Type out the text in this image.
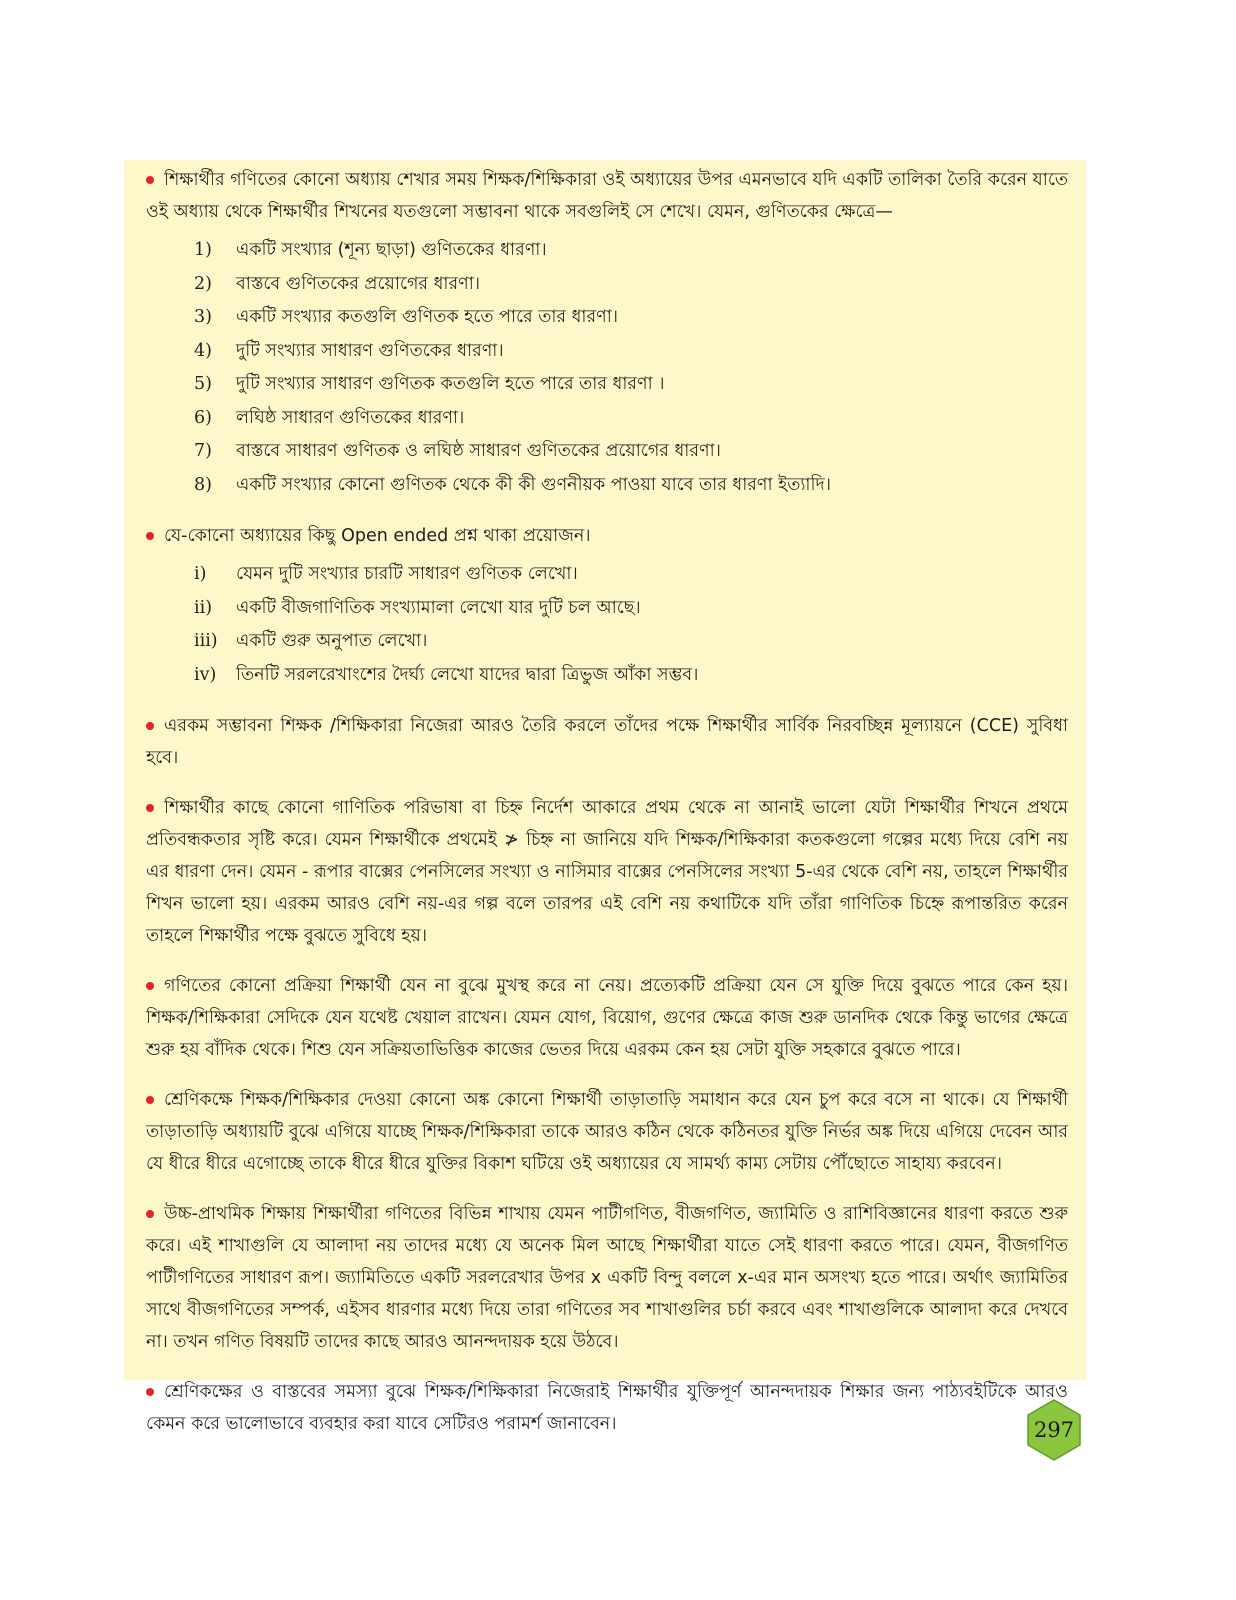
শিক্ষার্থীর গণিতের কোনো অধ্যায় শেখার সময় শিক্ষক/শিক্ষিকারা ওই অধ্যায়ের উপর এমনভাবে যদি একটি তালিকা তৈরি করেন যাতে ওই অধ্যায় থেকে শিক্ষার্থীর শিখনের যতগুলো সম্ভাবনা থাকে সবগুলিই সে শেখে। যেমন, গুণিতকের ক্ষেত্রে—

1)	একটি সংখ্যার (শূন্য ছাড়া) গুণিতকের ধারণা।
2)	বাস্তবে গুণিতকের প্রয়োগের ধারণা।
3)	একটি সংখ্যার কতগুলি গুণিতক হতে পারে তার ধারণা।
4)	দুটি সংখ্যার সাধারণ গুণিতকের ধারণা।
5)	দুটি সংখ্যার সাধারণ গুণিতক কতগুলি হতে পারে তার ধারণা ।
6)	লঘিষ্ঠ সাধারণ গুণিতকের ধারণা।
7)	বাস্তবে সাধারণ গুণিতক ও লঘিষ্ঠ সাধারণ গুণিতকের প্রয়োগের ধারণা।
8)	একটি সংখ্যার কোনো গুণিতক থেকে কী কী গুণনীয়ক পাওয়া যাবে তার ধারণা ইত্যাদি।

যে-কোনো অধ্যায়ের কিছু Open ended প্রশ্ন থাকা প্রয়োজন।

i)	যেমন দুটি সংখ্যার চারটি সাধারণ গুণিতক লেখো।
ii)	একটি বীজগাণিতিক সংখ্যামালা লেখো যার দুটি চল আছে।
iii)	একটি গুরু অনুপাত লেখো।
iv)	তিনটি সরলরেখাংশের দৈর্ঘ্য লেখো যাদের দ্বারা ত্রিভুজ আঁকা সম্ভব।

এরকম সম্ভাবনা শিক্ষক /শিক্ষিকারা নিজেরা আরও তৈরি করলে তাঁদের পক্ষে শিক্ষার্থীর সার্বিক নিরবচ্ছিন্ন মূল্যায়নে (CCE) সুবিধা হবে।

শিক্ষার্থীর কাছে কোনো গাণিতিক পরিভাষা বা চিহ্ন নির্দেশ আকারে প্রথম থেকে না আনাই ভালো যেটা শিক্ষার্থীর শিখনে প্রথমে প্রতিবন্ধকতার সৃষ্টি করে। যেমন শিক্ষার্থীকে প্রথমেই ≯ চিহ্ন না জানিয়ে যদি শিক্ষক/শিক্ষিকারা কতকগুলো গল্পের মধ্যে দিয়ে বেশি নয় এর ধারণা দেন। যেমন - রূপার বাক্সের পেনসিলের সংখ্যা ও নাসিমার বাক্সের পেনসিলের সংখ্যা 5-এর থেকে বেশি নয়, তাহলে শিক্ষার্থীর শিখন ভালো হয়। এরকম আরও বেশি নয়-এর গল্প বলে তারপর এই বেশি নয় কথাটিকে যদি তাঁরা গাণিতিক চিহ্নে রূপান্তরিত করেন তাহলে শিক্ষার্থীর পক্ষে বুঝতে সুবিধে হয়।

গণিতের কোনো প্রক্রিয়া শিক্ষার্থী যেন না বুঝে মুখস্থ করে না নেয়। প্রত্যেকটি প্রক্রিয়া যেন সে যুক্তি দিয়ে বুঝতে পারে কেন হয়। শিক্ষক/শিক্ষিকারা সেদিকে যেন যথেষ্ট খেয়াল রাখেন। যেমন যোগ, বিয়োগ, গুণের ক্ষেত্রে কাজ শুরু ডানদিক থেকে কিন্তু ভাগের ক্ষেত্রে শুরু হয় বাঁদিক থেকে। শিশু যেন সক্রিয়তাভিত্তিক কাজের ভেতর দিয়ে এরকম কেন হয় সেটা যুক্তি সহকারে বুঝতে পারে।

শ্রেণিকক্ষে শিক্ষক/শিক্ষিকার দেওয়া কোনো অঙ্ক কোনো শিক্ষার্থী তাড়াতাড়ি সমাধান করে যেন চুপ করে বসে না থাকে। যে শিক্ষার্থী তাড়াতাড়ি অধ্যায়টি বুঝে এগিয়ে যাচ্ছে শিক্ষক/শিক্ষিকারা তাকে আরও কঠিন থেকে কঠিনতর যুক্তি নির্ভর অঙ্ক দিয়ে এগিয়ে দেবেন আর যে ধীরে ধীরে এগোচ্ছে তাকে ধীরে ধীরে যুক্তির বিকাশ ঘটিয়ে ওই অধ্যায়ের যে সামর্থ্য কাম্য সেটায় পৌঁছোতে সাহায্য করবেন।

উচ্চ-প্রাথমিক শিক্ষায় শিক্ষার্থীরা গণিতের বিভিন্ন শাখায় যেমন পাটীগণিত, বীজগণিত, জ্যামিতি ও রাশিবিজ্ঞানের ধারণা করতে শুরু করে। এই শাখাগুলি যে আলাদা নয় তাদের মধ্যে যে অনেক মিল আছে শিক্ষার্থীরা যাতে সেই ধারণা করতে পারে। যেমন, বীজগণিত পাটীগণিতের সাধারণ রূপ। জ্যামিতিতে একটি সরলরেখার উপর x একটি বিন্দু বললে x-এর মান অসংখ্য হতে পারে। অর্থাৎ জ্যামিতির সাথে বীজগণিতের সম্পর্ক, এইসব ধারণার মধ্যে দিয়ে তারা গণিতের সব শাখাগুলির চর্চা করবে এবং শাখাগুলিকে আলাদা করে দেখবে না। তখন গণিত বিষয়টি তাদের কাছে আরও আনন্দদায়ক হয়ে উঠবে।

শ্রেণিকক্ষের ও বাস্তবের সমস্যা বুঝে শিক্ষক/শিক্ষিকারা নিজেরাই শিক্ষার্থীর যুক্তিপূর্ণ আনন্দদায়ক শিক্ষার জন্য পাঠ্যবইটিকে আরও কেমন করে ভালোভাবে ব্যবহার করা যাবে সেটিরও পরামর্শ জানাবেন।	297
